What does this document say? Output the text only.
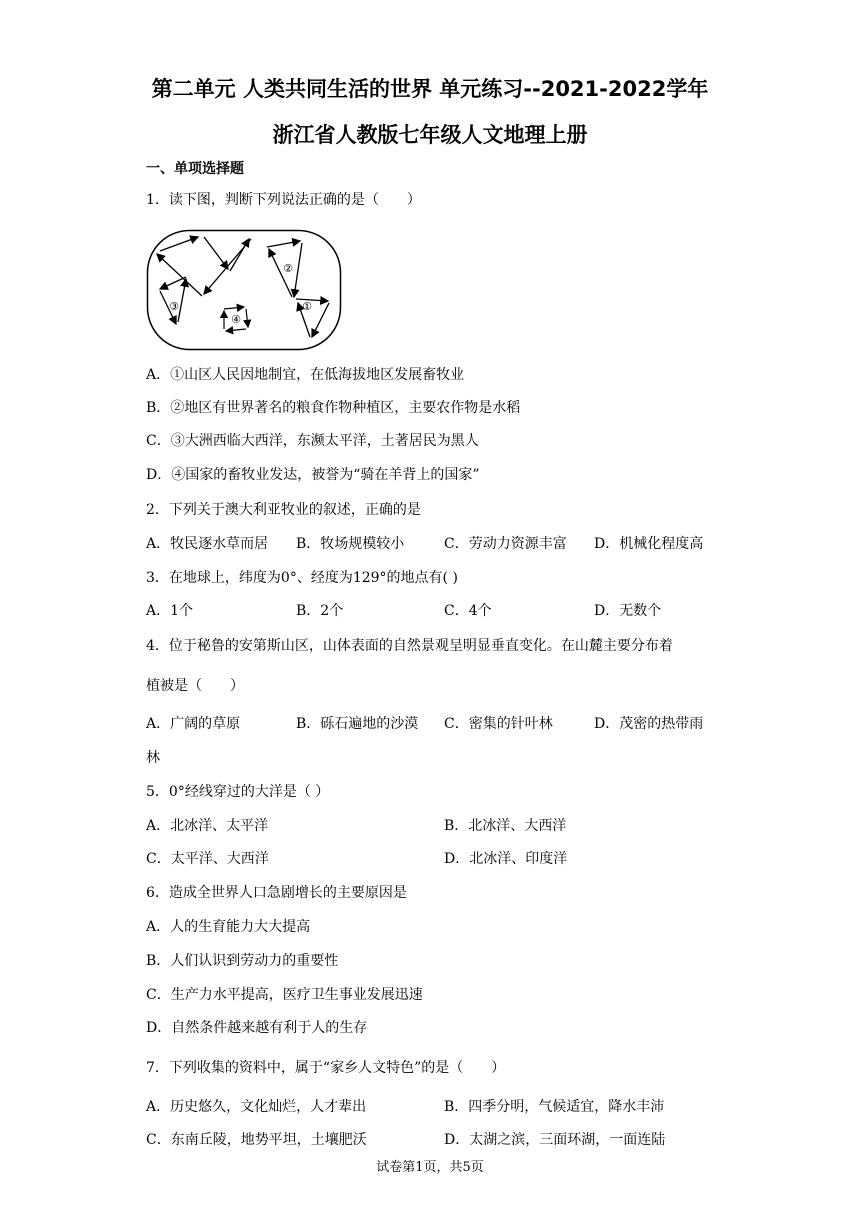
第二单元 人类共同生活的世界 单元练习--2021-2022学年
浙江省人教版七年级人文地理上册
一、单项选择题
1．读下图，判断下列说法正确的是（　　）
①
②
③
④
A．①山区人民因地制宜，在低海拔地区发展畜牧业
B．②地区有世界著名的粮食作物种植区，主要农作物是水稻
C．③大洲西临大西洋，东濒太平洋，土著居民为黑人
D．④国家的畜牧业发达，被誉为“骑在羊背上的国家”
2．下列关于澳大利亚牧业的叙述，正确的是
A．牧民逐水草而居 B．牧场规模较小	C．劳动力资源丰富 D．机械化程度高
3．在地球上，纬度为0°、经度为129°的地点有( )
A．1个	B．2个	C．4个	D．无数个
4．位于秘鲁的安第斯山区，山体表面的自然景观呈明显垂直变化。在山麓主要分布着
植被是（　　）
A．广阔的草原	B．砾石遍地的沙漠 C．密集的针叶林	D．茂密的热带雨
林
5．0°经线穿过的大洋是（ ）
A．北冰洋、太平洋	B．北冰洋、大西洋
C．太平洋、大西洋	D．北冰洋、印度洋
6．造成全世界人口急剧增长的主要原因是
A．人的生育能力大大提高
B．人们认识到劳动力的重要性
C．生产力水平提高，医疗卫生事业发展迅速
D．自然条件越来越有利于人的生存
7．下列收集的资料中，属于“家乡人文特色”的是（　　）
A．历史悠久，文化灿烂，人才辈出	B．四季分明，气候适宜，降水丰沛
C．东南丘陵，地势平坦，土壤肥沃	D．太湖之滨，三面环湖，一面连陆
试卷第1页，共5页
